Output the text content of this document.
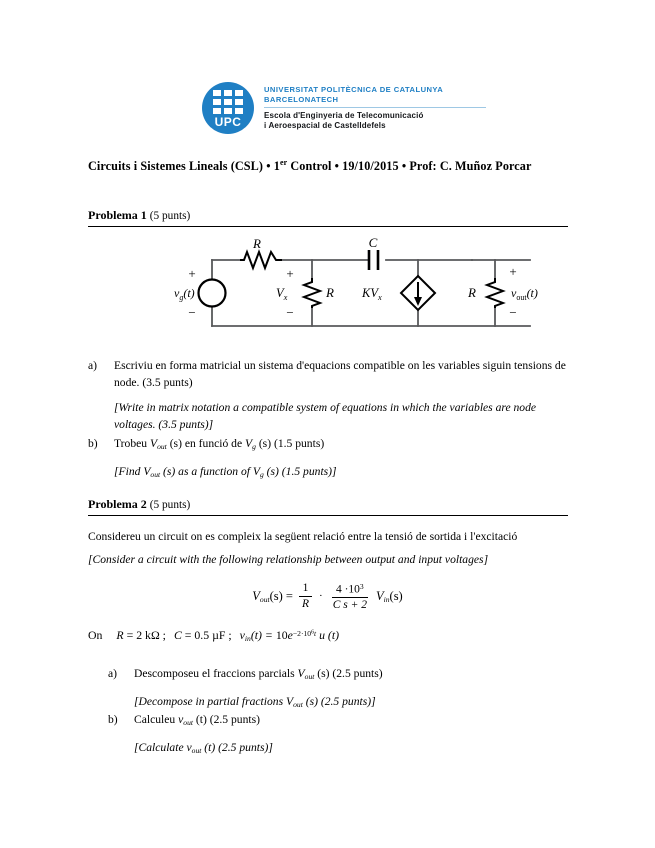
UPC
UNIVERSITAT POLITÈCNICA DE CATALUNYA
BARCELONATECH
Escola d'Enginyeria de Telecomunicació
i Aeroespacial de Castelldefels
Circuits i Sistemes Lineals (CSL) • 1er Control • 19/10/2015 • Prof: C. Muñoz Porcar
Problema 1 (5 punts)
R	C
$v_g(t)$	$V_x$	R $KV_x$	R	$v_{out}(t)$
+
−
+
−
+
−
a)	Escriviu en forma matricial un sistema d'equacions compatible on les variables siguin tensions de node. (3.5 punts)
[Write in matrix notation a compatible system of equations in which the variables are node voltages. (3.5 punts)]
b)	Trobeu $V_{out}$ (s) en funció de $V_g$ (s) (1.5 punts)
[Find $V_{out}$ (s) as a function of $V_g$ (s) (1.5 punts)]
Problema 2 (5 punts)
Considereu un circuit on es compleix la següent relació entre la tensió de sortida i l'excitació
[Consider a circuit with the following relationship between output and input voltages]
$V_{out}(s) = \frac{1}{R} \cdot \frac{4 \cdot 10^3}{\text{C s + 2}} V_{in}(s)$
On R = 2 kΩ ; C = 0.5 µF ; $v_{in}(t) = 10e^{-2\cdot 10^6t}$ u (t)
a)	Descomposeu el fraccions parcials $V_{out}$ (s) (2.5 punts)
[Decompose in partial fractions $V_{out}$ (s) (2.5 punts)]
b)	Calculeu $v_{out}$ (t) (2.5 punts)
[Calculate $v_{out}$ (t) (2.5 punts)]
